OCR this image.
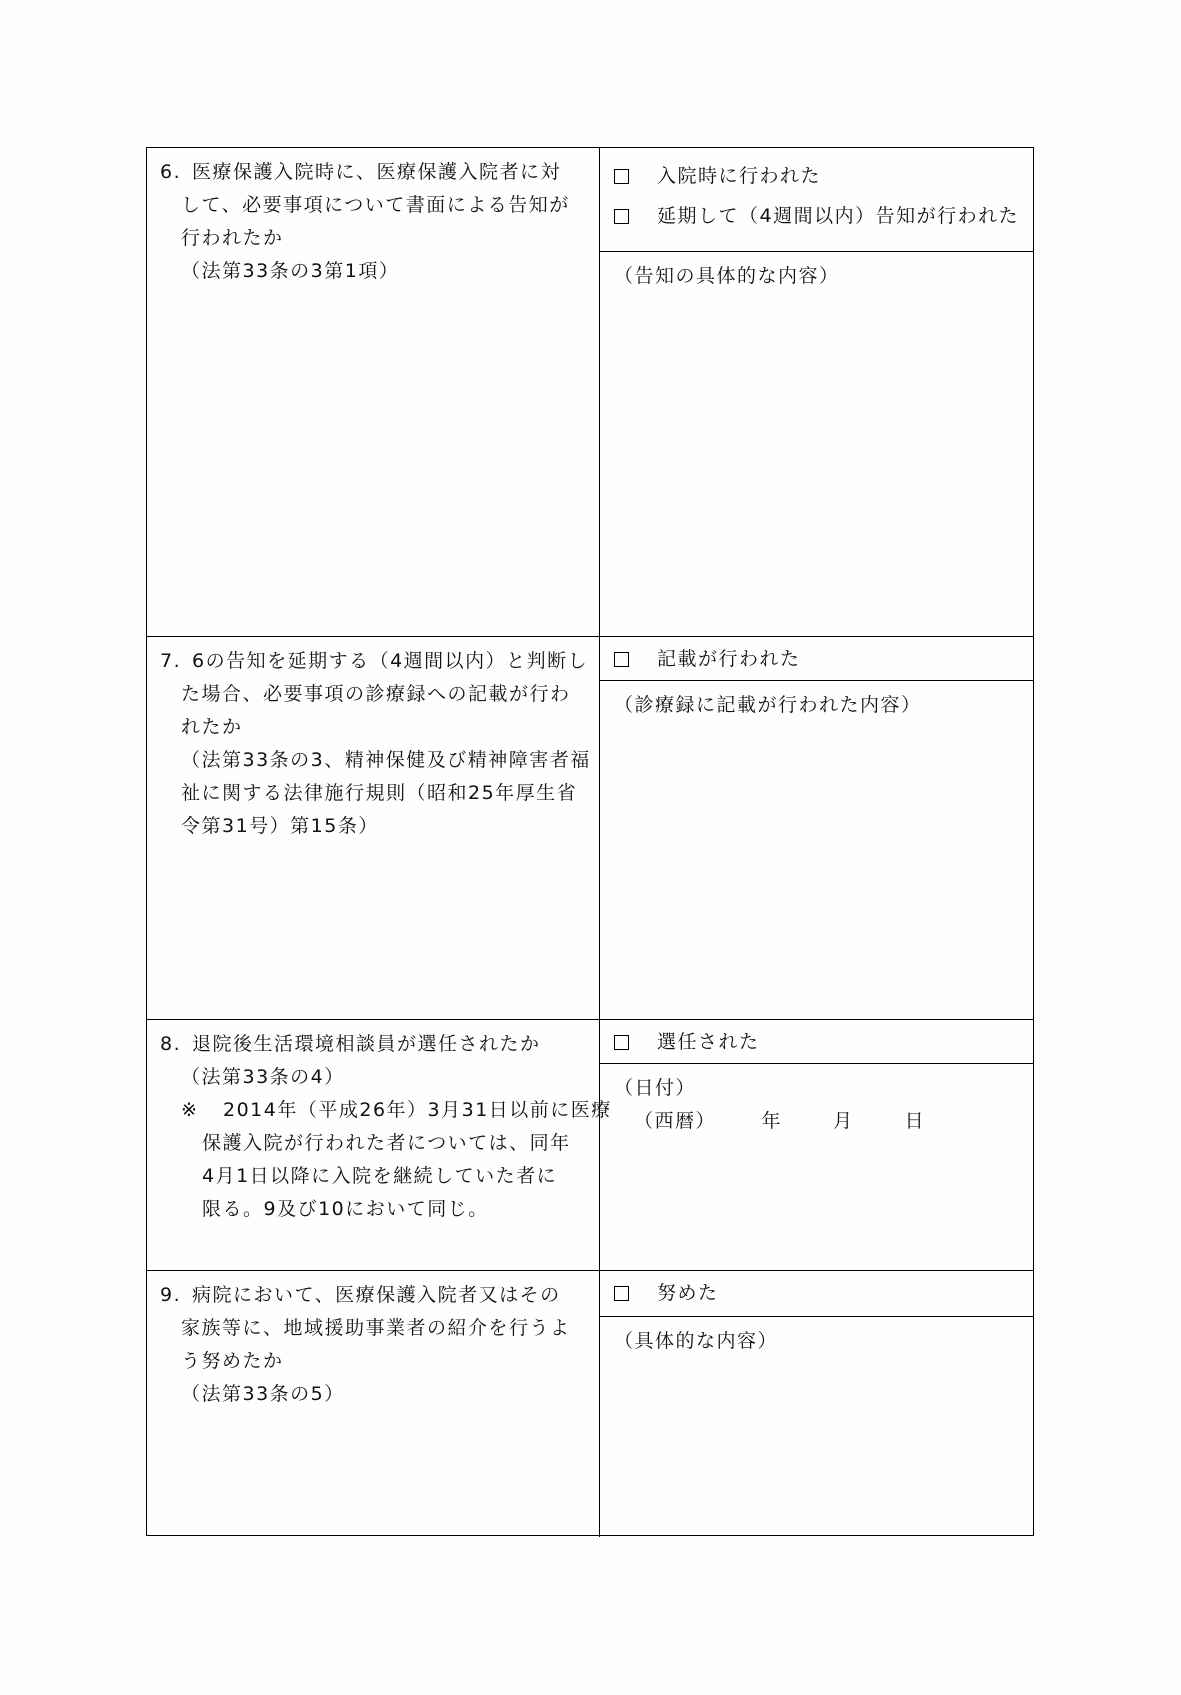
6. 医療保護入院時に、医療保護入院者に対
して、必要事項について書面による告知が
行われたか
（法第33条の3第1項）
入院時に行われた
延期して（4週間以内）告知が行われた
（告知の具体的な内容）
7. 6の告知を延期する（4週間以内）と判断し
た場合、必要事項の診療録への記載が行わ
れたか
（法第33条の3、精神保健及び精神障害者福
祉に関する法律施行規則（昭和25年厚生省
令第31号）第15条）
記載が行われた
（診療録に記載が行われた内容）
8. 退院後生活環境相談員が選任されたか
（法第33条の4）
※ 2014年（平成26年）3月31日以前に医療
保護入院が行われた者については、同年
4月1日以降に入院を継続していた者に
限る。9及び10において同じ。
選任された
（日付）
（西暦） 年	月	日
9. 病院において、医療保護入院者又はその
家族等に、地域援助事業者の紹介を行うよ
う努めたか
（法第33条の5）
努めた
（具体的な内容）
